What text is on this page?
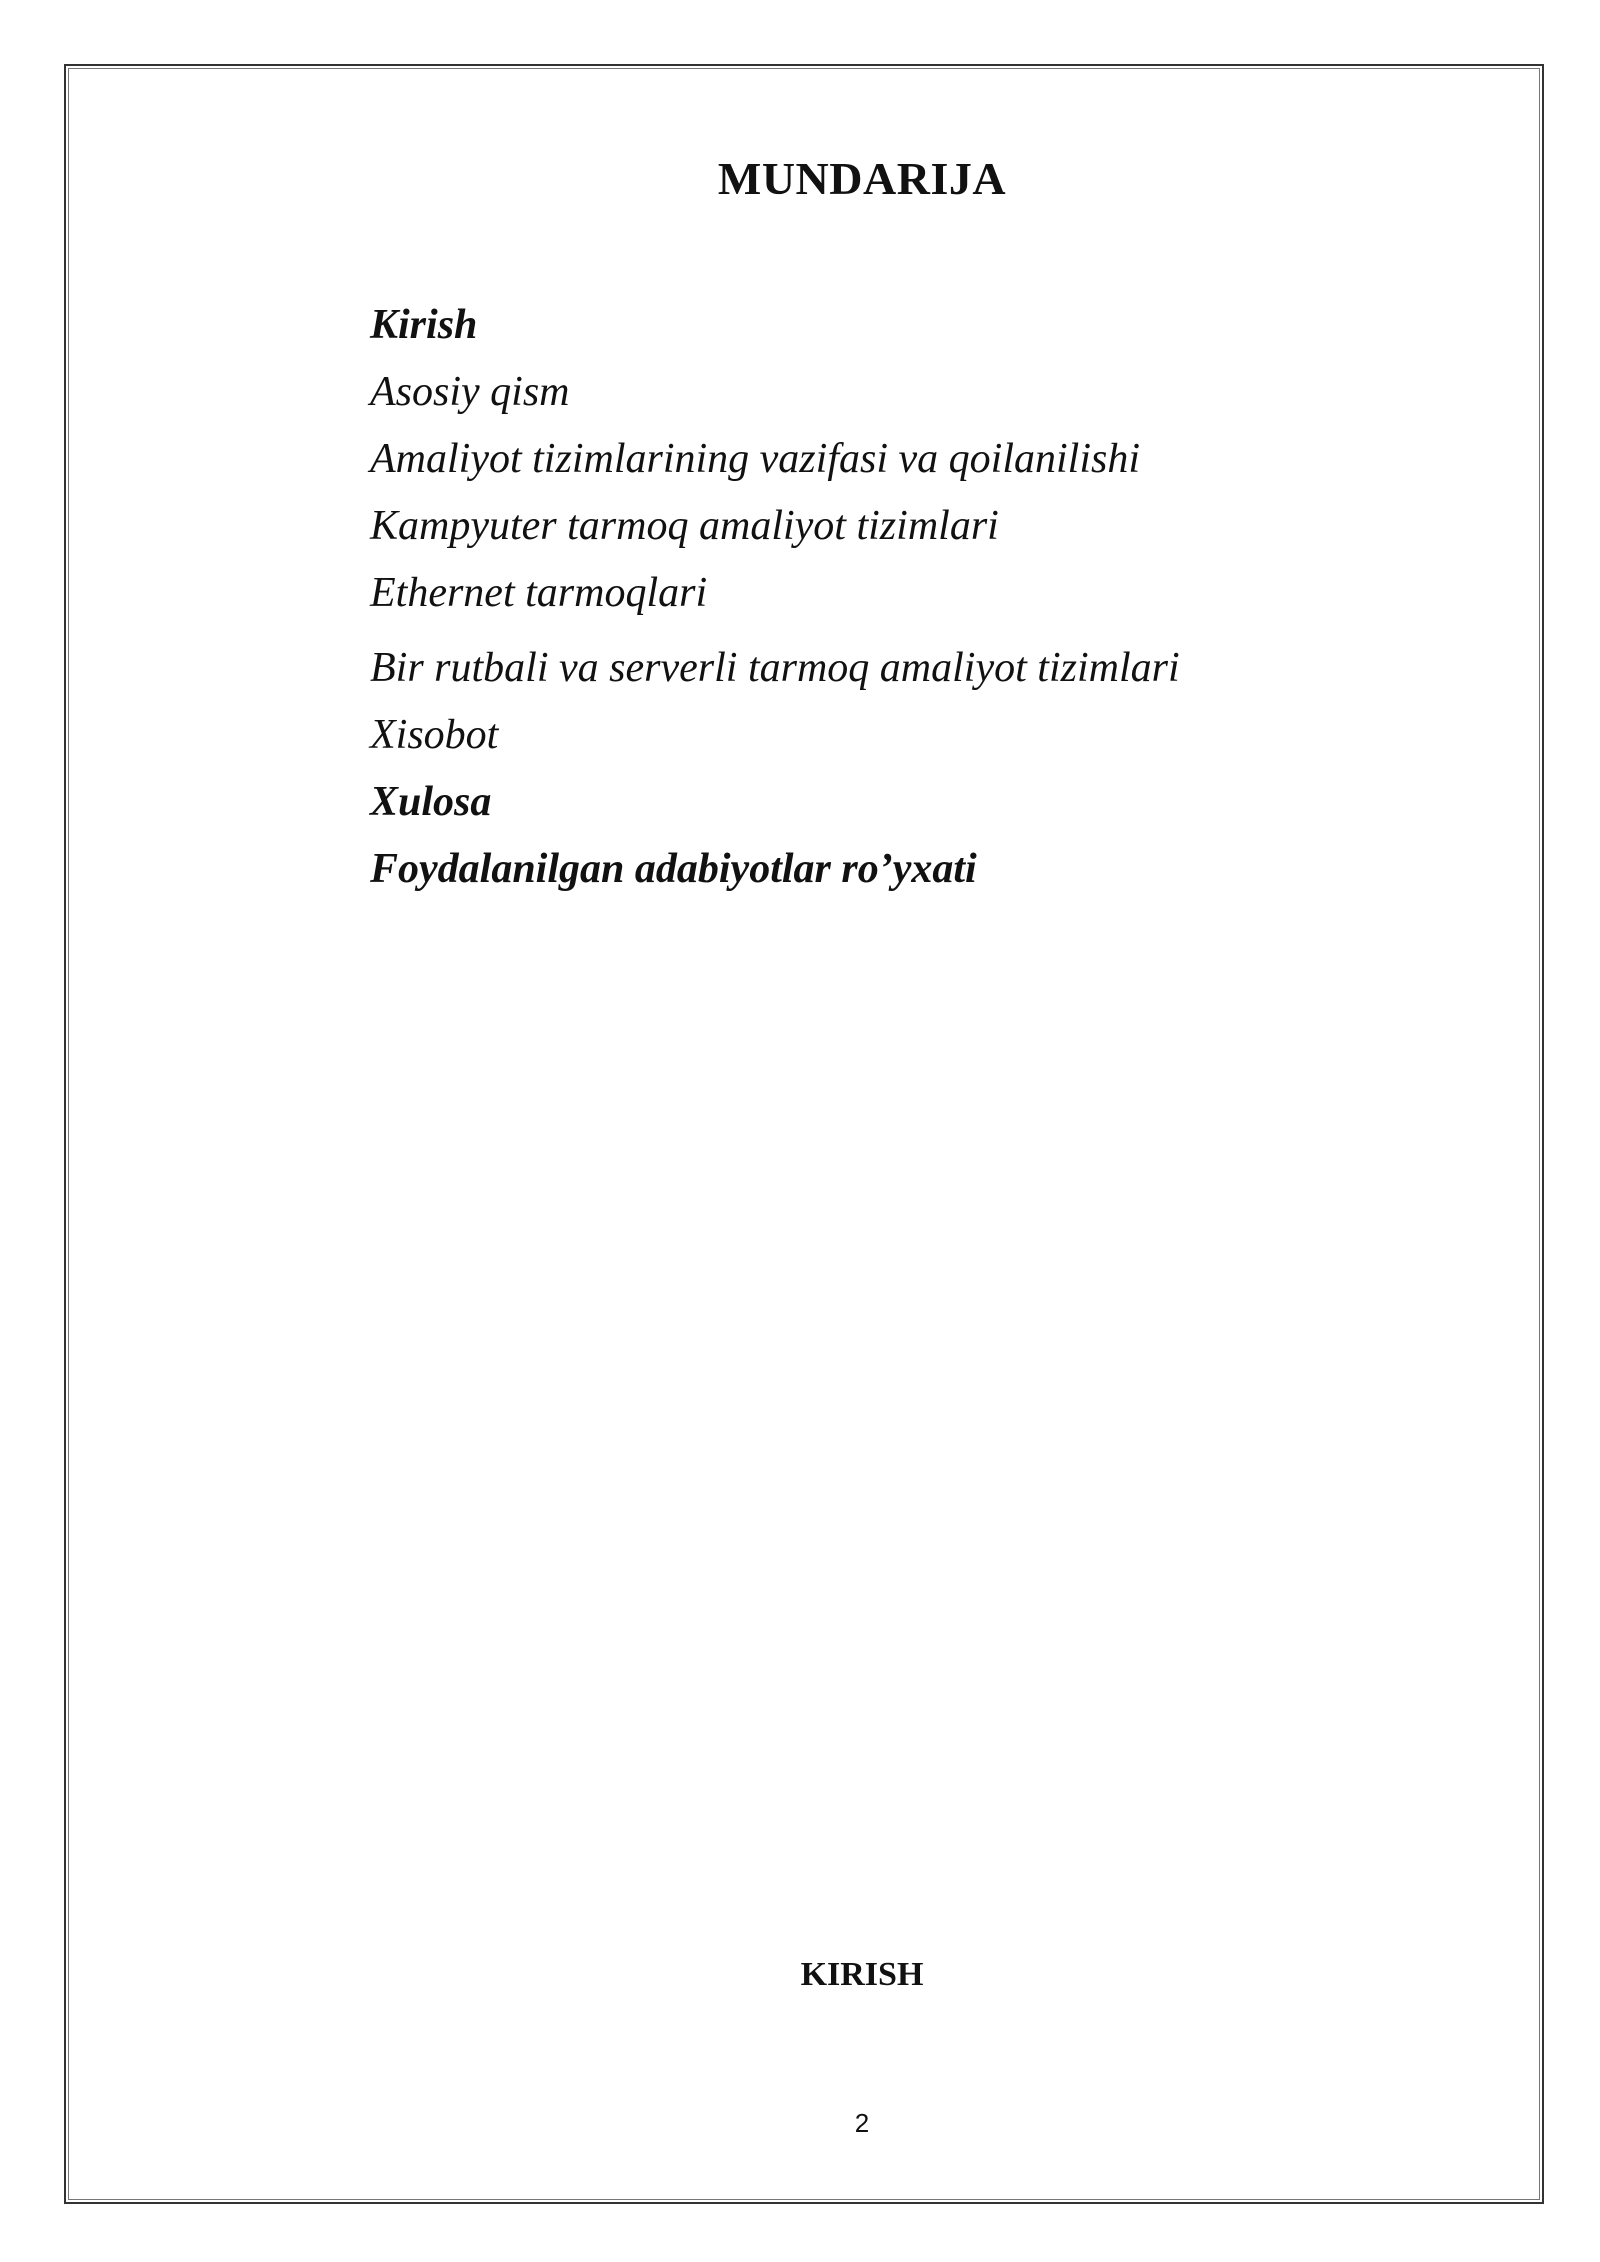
MUNDARIJA
Kirish
Asosiy qism
Amaliyot tizimlarining vazifasi va qoilanilishi
Kampyuter tarmoq amaliyot tizimlari
Ethernet tarmoqlari
Bir rutbali va serverli tarmoq amaliyot tizimlari
Xisobot
Xulosa
Foydalanilgan adabiyotlar ro’yxati
KIRISH
2
